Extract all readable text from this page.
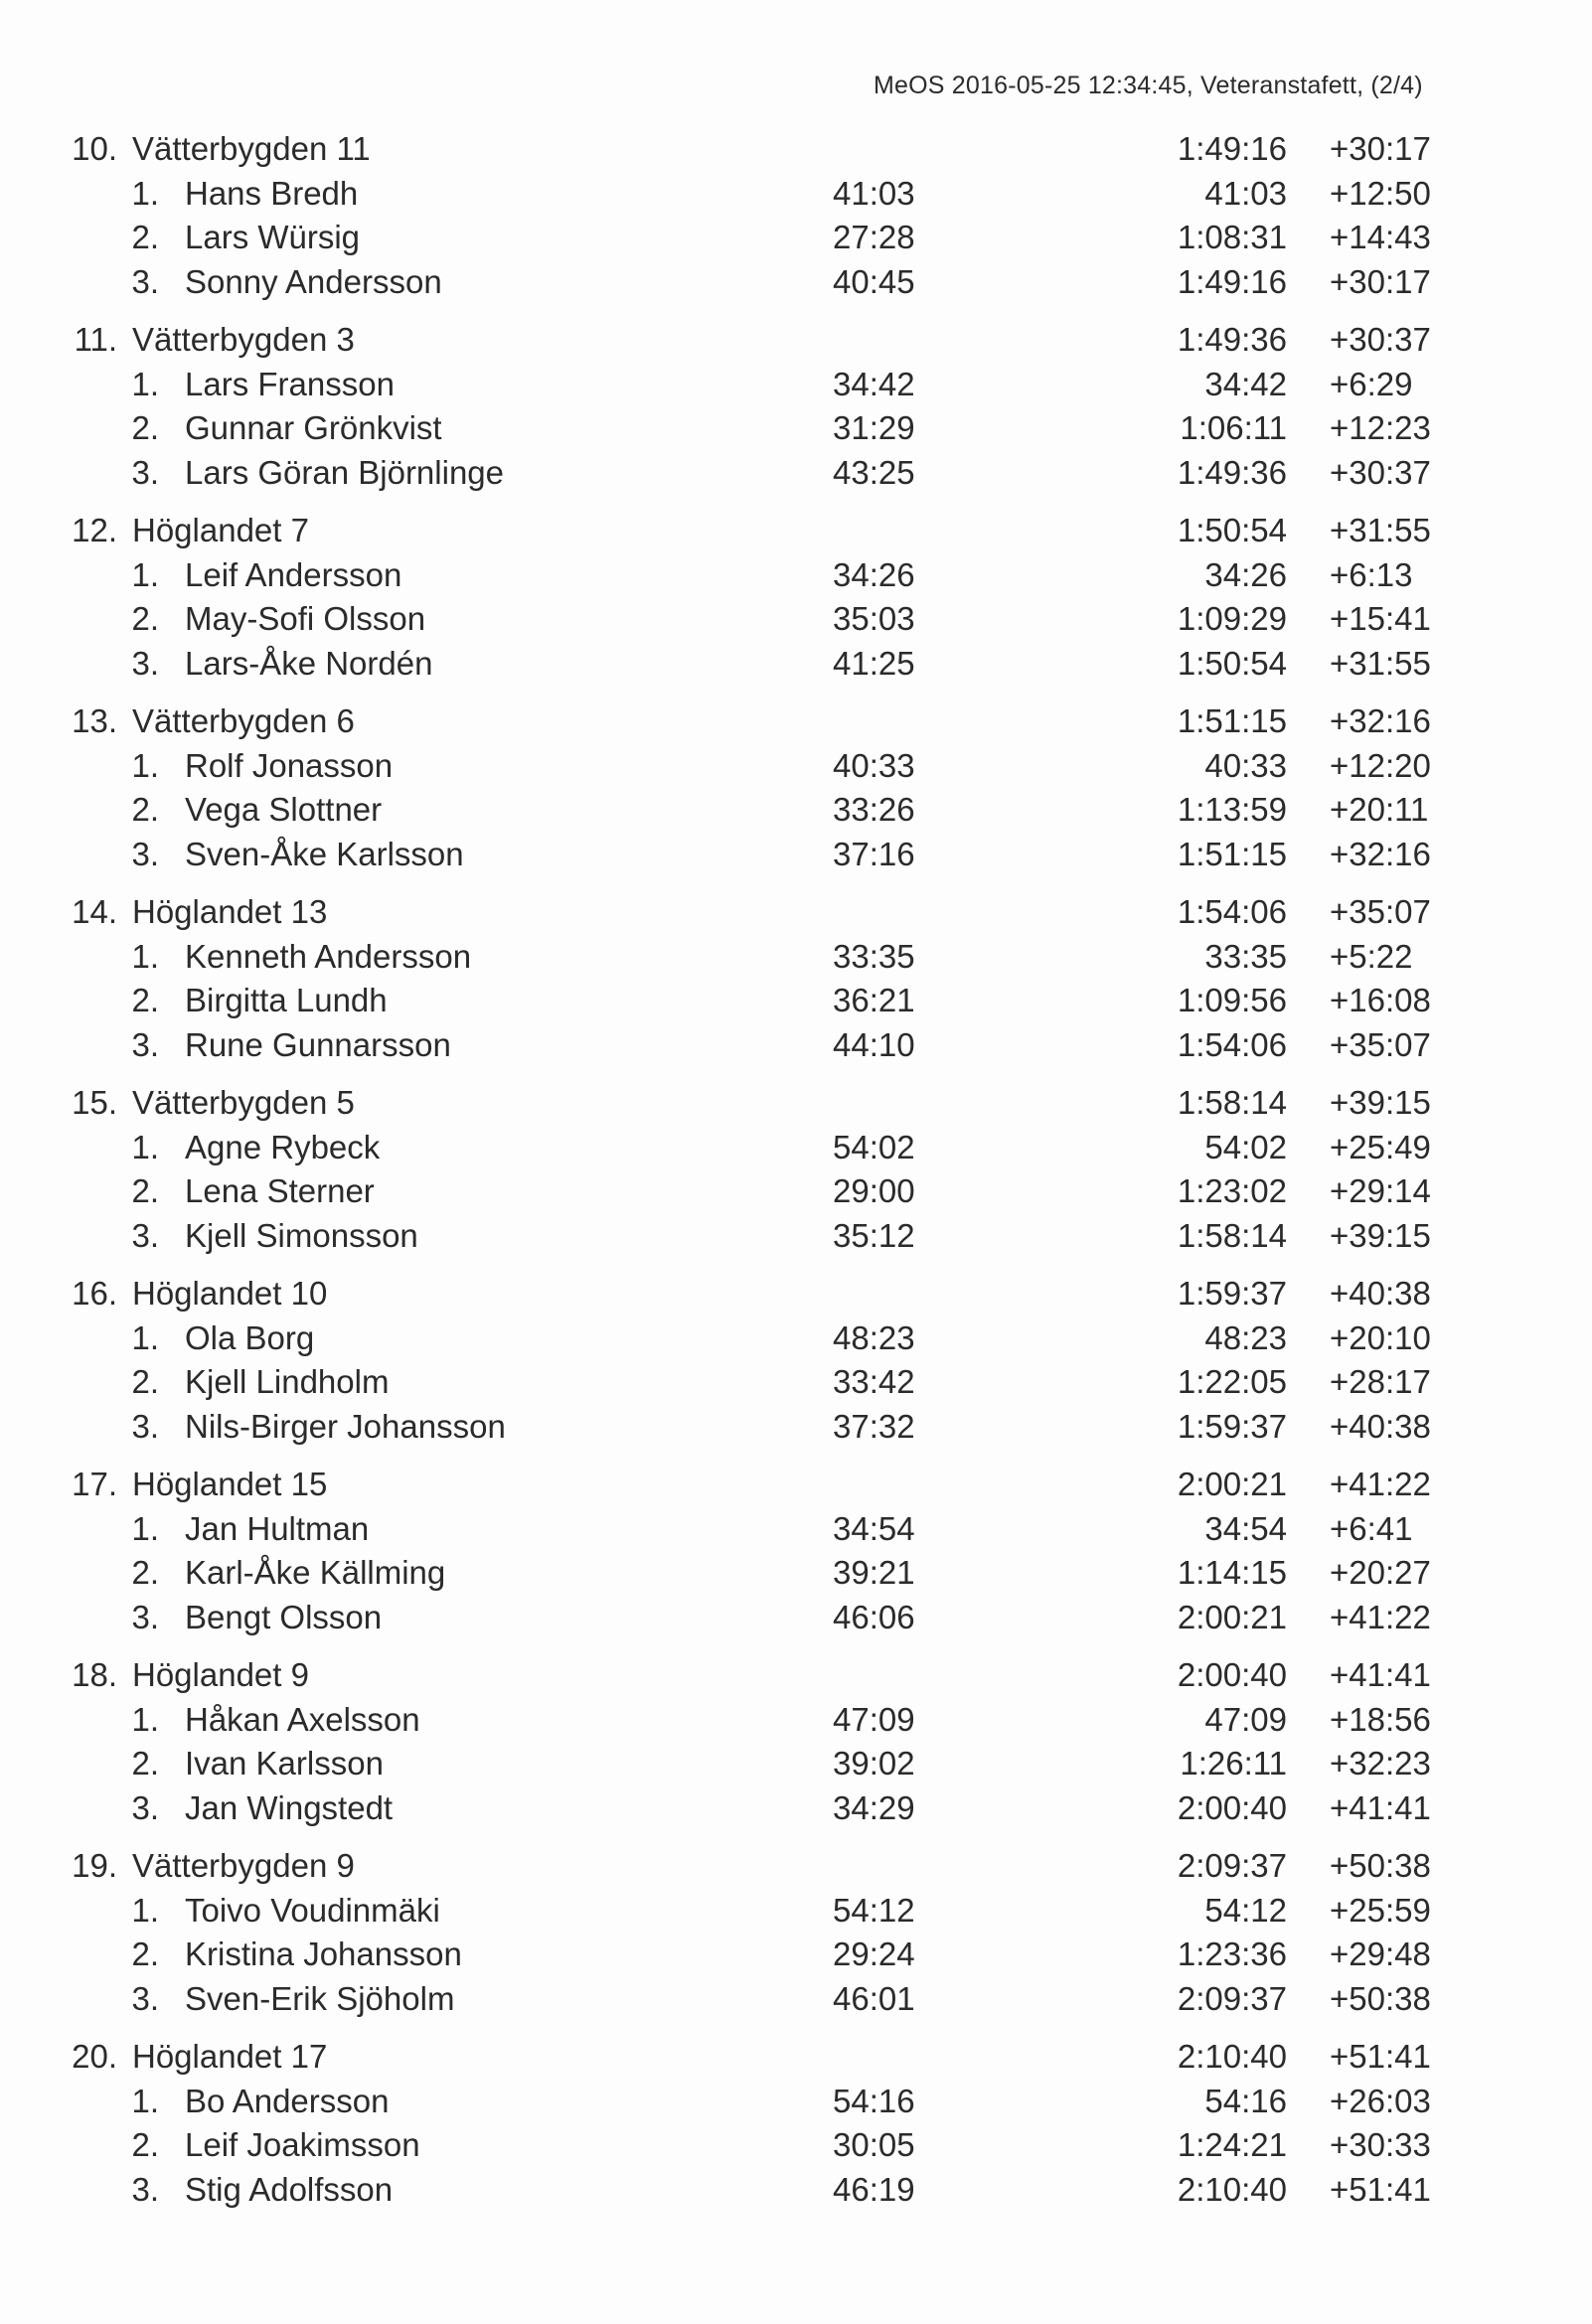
MeOS 2016-05-25 12:34:45, Veteranstafett, (2/4)
10. Vätterbygden 11	1:49:16 +30:17
1. Hans Bredh	41:03	41:03 +12:50
2. Lars Würsig	27:28	1:08:31 +14:43
3. Sonny Andersson	40:45	1:49:16 +30:17
11. Vätterbygden 3	1:49:36 +30:37
1. Lars Fransson	34:42	34:42 +6:29
2. Gunnar Grönkvist	31:29	1:06:11 +12:23
3. Lars Göran Björnlinge	43:25	1:49:36 +30:37
12. Höglandet 7	1:50:54 +31:55
1. Leif Andersson	34:26	34:26 +6:13
2. May-Sofi Olsson	35:03	1:09:29 +15:41
3. Lars-Åke Nordén	41:25	1:50:54 +31:55
13. Vätterbygden 6	1:51:15 +32:16
1. Rolf Jonasson	40:33	40:33 +12:20
2. Vega Slottner	33:26	1:13:59 +20:11
3. Sven-Åke Karlsson	37:16	1:51:15 +32:16
14. Höglandet 13	1:54:06 +35:07
1. Kenneth Andersson	33:35	33:35 +5:22
2. Birgitta Lundh	36:21	1:09:56 +16:08
3. Rune Gunnarsson	44:10	1:54:06 +35:07
15. Vätterbygden 5	1:58:14 +39:15
1. Agne Rybeck	54:02	54:02 +25:49
2. Lena Sterner	29:00	1:23:02 +29:14
3. Kjell Simonsson	35:12	1:58:14 +39:15
16. Höglandet 10	1:59:37 +40:38
1. Ola Borg	48:23	48:23 +20:10
2. Kjell Lindholm	33:42	1:22:05 +28:17
3. Nils-Birger Johansson	37:32	1:59:37 +40:38
17. Höglandet 15	2:00:21 +41:22
1. Jan Hultman	34:54	34:54 +6:41
2. Karl-Åke Källming	39:21	1:14:15 +20:27
3. Bengt Olsson	46:06	2:00:21 +41:22
18. Höglandet 9	2:00:40 +41:41
1. Håkan Axelsson	47:09	47:09 +18:56
2. Ivan Karlsson	39:02	1:26:11 +32:23
3. Jan Wingstedt	34:29	2:00:40 +41:41
19. Vätterbygden 9	2:09:37 +50:38
1. Toivo Voudinmäki	54:12	54:12 +25:59
2. Kristina Johansson	29:24	1:23:36 +29:48
3. Sven-Erik Sjöholm	46:01	2:09:37 +50:38
20. Höglandet 17	2:10:40 +51:41
1. Bo Andersson	54:16	54:16 +26:03
2. Leif Joakimsson	30:05	1:24:21 +30:33
3. Stig Adolfsson	46:19	2:10:40 +51:41
